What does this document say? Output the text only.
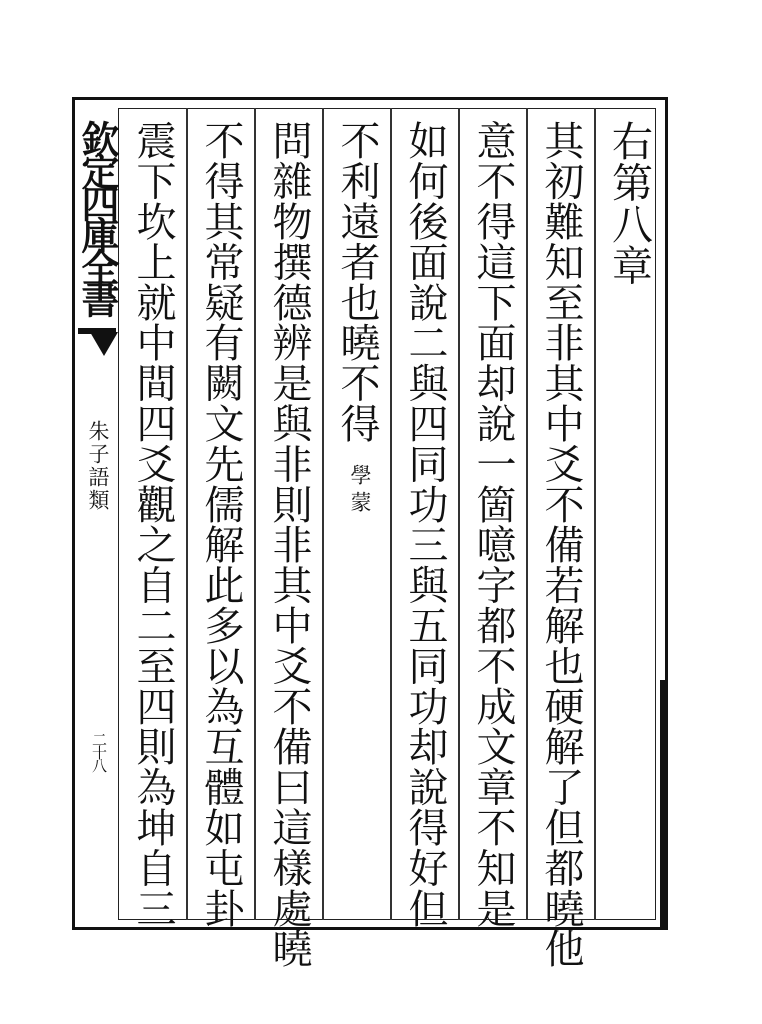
欽定四庫全書
朱子語類
二十八
右第八章
其初難知至非其中爻不備若解也硬解了但都曉他
意不得這下面却說一箇噫字都不成文章不知是
如何後面說二與四同功三與五同功却說得好但
不利遠者也曉不得
學蒙
問雜物撰德辨是與非則非其中爻不備曰這樣處曉
不得其常疑有闕文先儒解此多以為互體如屯卦
震下坎上就中間四爻觀之自二至四則為坤自三
